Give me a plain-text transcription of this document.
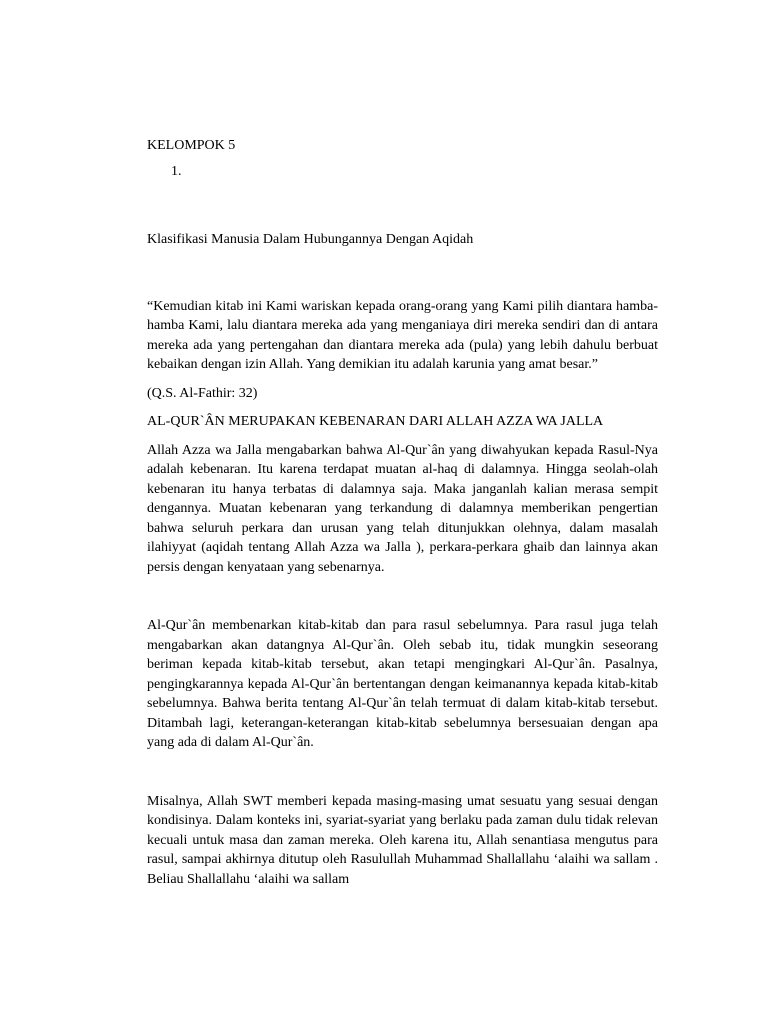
KELOMPOK 5

1.

Klasifikasi Manusia Dalam Hubungannya Dengan Aqidah

“Kemudian kitab ini Kami wariskan kepada orang-orang yang Kami pilih diantara hamba-hamba Kami, lalu diantara mereka ada yang menganiaya diri mereka sendiri dan di antara mereka ada yang pertengahan dan diantara mereka ada (pula) yang lebih dahulu berbuat kebaikan dengan izin Allah. Yang demikian itu adalah karunia yang amat besar.”

(Q.S. Al-Fathir: 32)

AL-QUR`ÂN MERUPAKAN KEBENARAN DARI ALLAH AZZA WA JALLA

Allah Azza wa Jalla mengabarkan bahwa Al-Qur`ân yang diwahyukan kepada Rasul-Nya adalah kebenaran. Itu karena terdapat muatan al-haq di dalamnya. Hingga seolah-olah kebenaran itu hanya terbatas di dalamnya saja. Maka janganlah kalian merasa sempit dengannya. Muatan kebenaran yang terkandung di dalamnya memberikan pengertian bahwa seluruh perkara dan urusan yang telah ditunjukkan olehnya, dalam masalah ilahiyyat (aqidah tentang Allah Azza wa Jalla ), perkara-perkara ghaib dan lainnya akan persis dengan kenyataan yang sebenarnya.

Al-Qur`ân membenarkan kitab-kitab dan para rasul sebelumnya. Para rasul juga telah mengabarkan akan datangnya Al-Qur`ân. Oleh sebab itu, tidak mungkin seseorang beriman kepada kitab-kitab tersebut, akan tetapi mengingkari Al-Qur`ân. Pasalnya, pengingkarannya kepada Al-Qur`ân bertentangan dengan keimanannya kepada kitab-kitab sebelumnya. Bahwa berita tentang Al-Qur`ân telah termuat di dalam kitab-kitab tersebut. Ditambah lagi, keterangan-keterangan kitab-kitab sebelumnya bersesuaian dengan apa yang ada di dalam Al-Qur`ân.

Misalnya, Allah SWT memberi kepada masing-masing umat sesuatu yang sesuai dengan kondisinya. Dalam konteks ini, syariat-syariat yang berlaku pada zaman dulu tidak relevan kecuali untuk masa dan zaman mereka. Oleh karena itu, Allah senantiasa mengutus para rasul, sampai akhirnya ditutup oleh Rasulullah Muhammad Shallallahu ‘alaihi wa sallam . Beliau Shallallahu ‘alaihi wa sallam
